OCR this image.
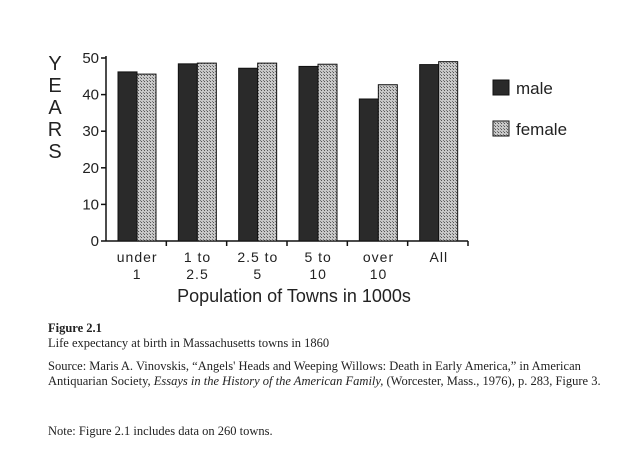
Y
E
A
R
S
0
10
20
30
40
50
under 1
1 to 2.5
2.5 to 5
5 to 10
over 10
All
Population of Towns in 1000s
male
female

Figure 2.1

Life expectancy at birth in Massachusetts towns in 1860

Source: Maris A. Vinovskis, “Angels' Heads and Weeping Willows: Death in Early America,” in American Antiquarian Society, Essays in the History of the American Family, (Worcester, Mass., 1976), p. 283, Figure 3.

Note: Figure 2.1 includes data on 260 towns.
